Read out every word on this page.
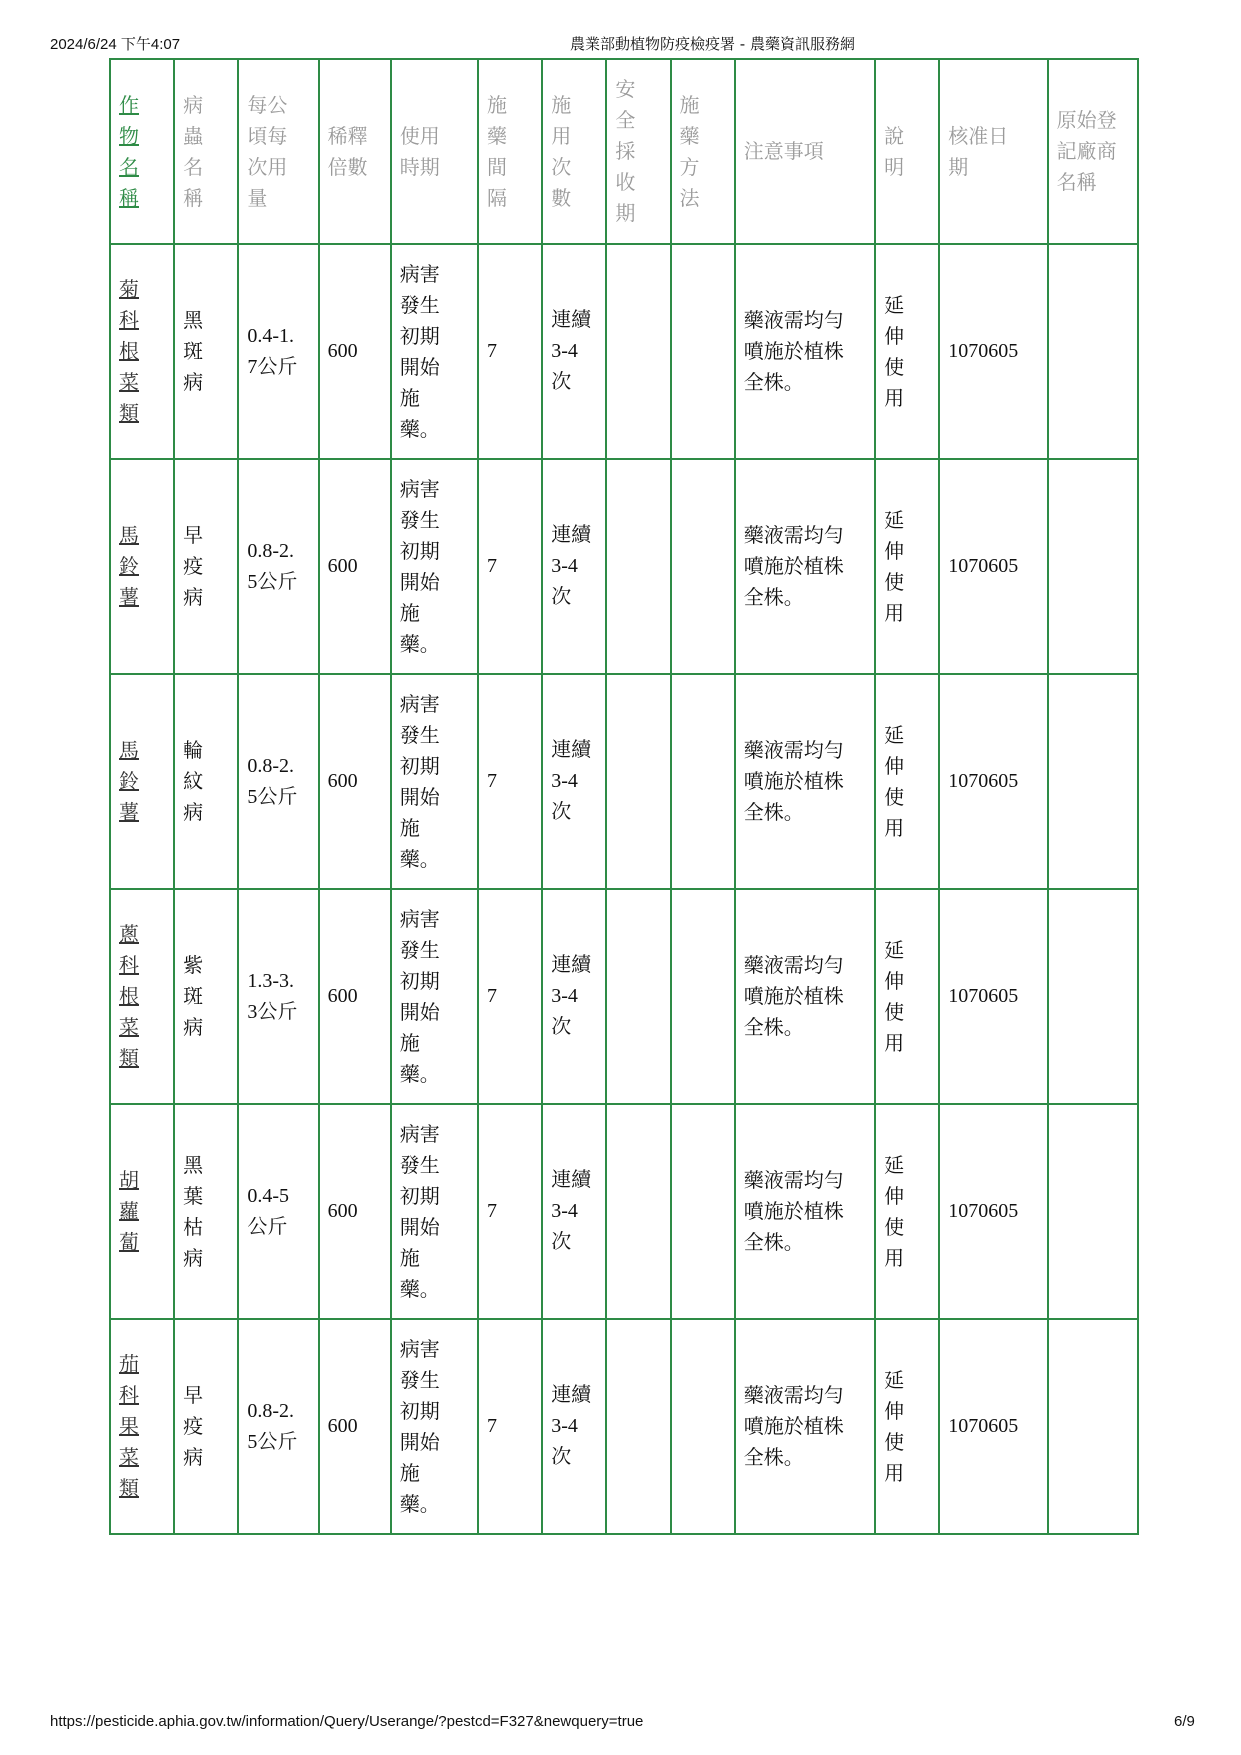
2024/6/24 下午4:07	農業部動植物防疫檢疫署 - 農藥資訊服務網
作物名稱	病蟲名稱	每公頃每次用量	稀釋倍數	使用時期	施藥間隔	施用次數	安全採收期	施藥方法	注意事項	說明	核准日期	原始登記廠商名稱

菊科根菜類	黑斑病	0.4-1.7公斤	600	病害發生初期開始施藥。	7	連續3-4次			藥液需均勻噴施於植株全株。	延伸使用	1070605	

馬鈴薯	早疫病	0.8-2.5公斤	600	病害發生初期開始施藥。	7	連續3-4次			藥液需均勻噴施於植株全株。	延伸使用	1070605	

馬鈴薯	輪紋病	0.8-2.5公斤	600	病害發生初期開始施藥。	7	連續3-4次			藥液需均勻噴施於植株全株。	延伸使用	1070605	

蔥科根菜類	紫斑病	1.3-3.3公斤	600	病害發生初期開始施藥。	7	連續3-4次			藥液需均勻噴施於植株全株。	延伸使用	1070605	

胡蘿蔔	黑葉枯病	0.4-5公斤	600	病害發生初期開始施藥。	7	連續3-4次			藥液需均勻噴施於植株全株。	延伸使用	1070605	

茄科果菜類	早疫病	0.8-2.5公斤	600	病害發生初期開始施藥。	7	連續3-4次			藥液需均勻噴施於植株全株。	延伸使用	1070605	
https://pesticide.aphia.gov.tw/information/Query/Userange/?pestcd=F327&newquery=true	6/9
